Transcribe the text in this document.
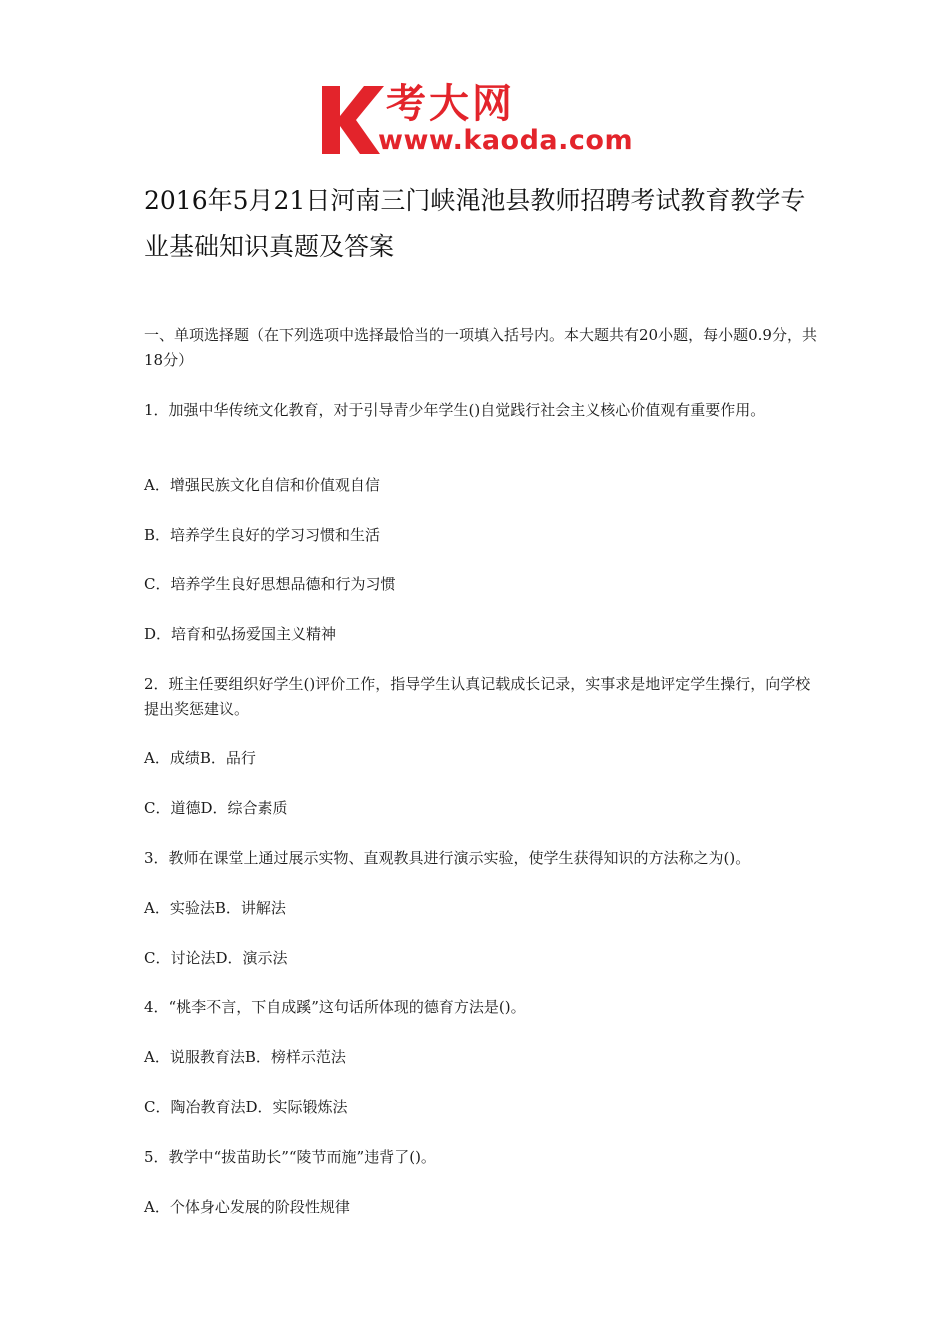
考大网
www.kaoda.com
2016年5月21日河南三门峡渑池县教师招聘考试教育教学专业基础知识真题及答案

一、单项选择题（在下列选项中选择最恰当的一项填入括号内。本大题共有20小题，每小题0.9分，共18分）

1．加强中华传统文化教育，对于引导青少年学生()自觉践行社会主义核心价值观有重要作用。

A．增强民族文化自信和价值观自信

B．培养学生良好的学习习惯和生活

C．培养学生良好思想品德和行为习惯

D．培育和弘扬爱国主义精神

2．班主任要组织好学生()评价工作，指导学生认真记载成长记录，实事求是地评定学生操行，向学校提出奖惩建议。

A．成绩B．品行

C．道德D．综合素质

3．教师在课堂上通过展示实物、直观教具进行演示实验，使学生获得知识的方法称之为()。

A．实验法B．讲解法

C．讨论法D．演示法

4．“桃李不言，下自成蹊”这句话所体现的德育方法是()。

A．说服教育法B．榜样示范法

C．陶冶教育法D．实际锻炼法

5．教学中“拔苗助长”“陵节而施”违背了()。

A．个体身心发展的阶段性规律
